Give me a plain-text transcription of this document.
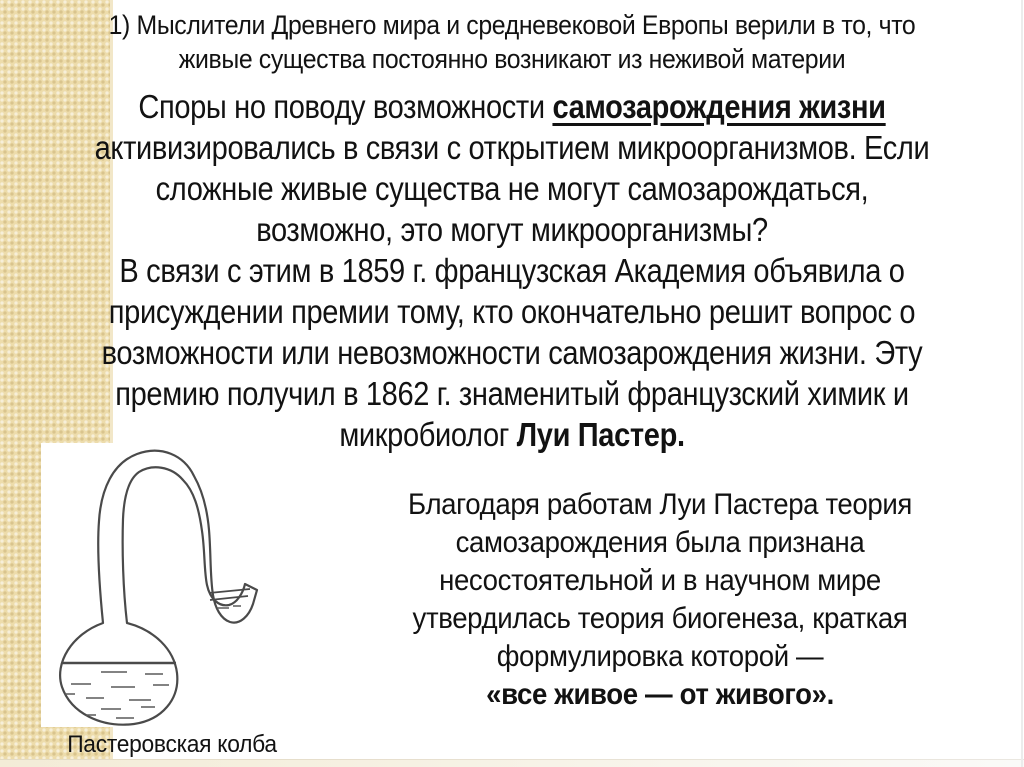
1) Мыслители Древнего мира и средневековой Европы верили в то, что
живые существа постоянно возникают из неживой материи
Споры но поводу возможности самозарождения жизни
активизировались в связи с открытием микроорганизмов. Если
сложные живые существа не могут самозарождаться,
возможно, это могут микроорганизмы?
В связи с этим в 1859 г. французская Академия объявила о
присуждении премии тому, кто окончательно решит вопрос о
возможности или невозможности самозарождения жизни. Эту
премию получил в 1862 г. знаменитый французский химик и
микробиолог Луи Пастер.
Благодаря работам Луи Пастера теория
самозарождения была признана
несостоятельной и в научном мире
утвердилась теория биогенеза, краткая
формулировка которой —
«все живое — от живого».
Пастеровская колба
